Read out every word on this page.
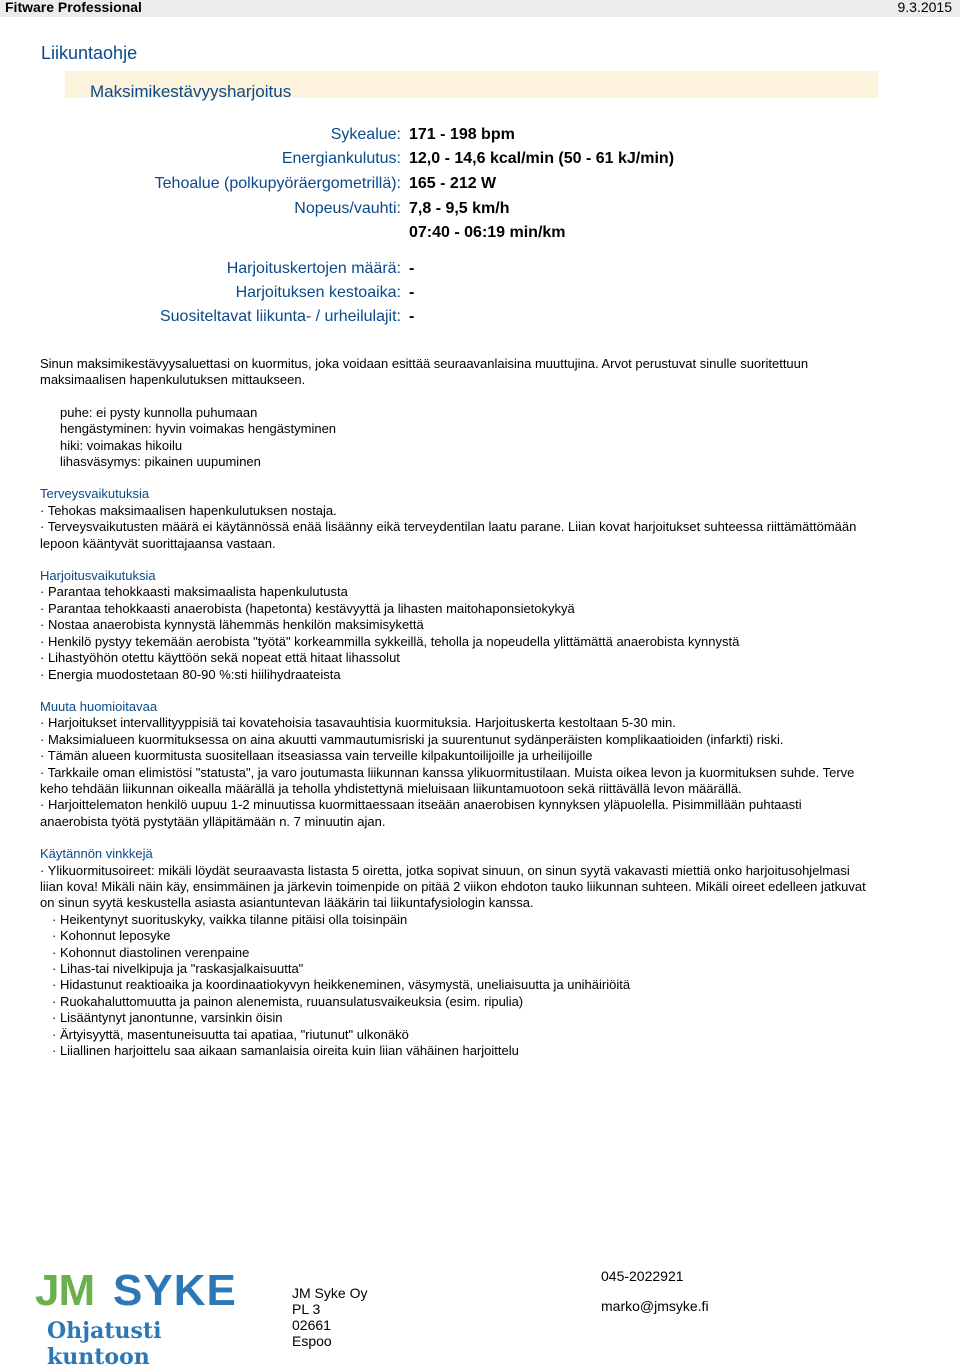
Fitware Professional	9.3.2015
Liikuntaohje
Maksimikestävyysharjoitus
Sykealue: 171 - 198 bpm
Energiankulutus: 12,0 - 14,6 kcal/min (50 - 61 kJ/min)
Tehoalue (polkupyöräergometrillä): 165 - 212 W
Nopeus/vauhti: 7,8 - 9,5 km/h
07:40 - 06:19 min/km
Harjoituskertojen määrä: -
Harjoituksen kestoaika: -
Suositeltavat liikunta- / urheilulajit: -
Sinun maksimikestävyysaluettasi on kuormitus, joka voidaan esittää seuraavanlaisina muuttujina. Arvot perustuvat sinulle suoritettuun maksimaalisen hapenkulutuksen mittaukseen.
puhe: ei pysty kunnolla puhumaan
hengästyminen: hyvin voimakas hengästyminen
hiki: voimakas hikoilu
lihasväsymys: pikainen uupuminen
Terveysvaikutuksia
· Tehokas maksimaalisen hapenkulutuksen nostaja.
· Terveysvaikutusten määrä ei käytännössä enää lisäänny eikä terveydentilan laatu parane. Liian kovat harjoitukset suhteessa riittämättömään lepoon kääntyvät suorittajaansa vastaan.
Harjoitusvaikutuksia
· Parantaa tehokkaasti maksimaalista hapenkulutusta
· Parantaa tehokkaasti anaerobista (hapetonta) kestävyyttä ja lihasten maitohaponsietokykyä
· Nostaa anaerobista kynnystä lähemmäs henkilön maksimisykettä
· Henkilö pystyy tekemään aerobista "työtä" korkeammilla sykkeillä, teholla ja nopeudella ylittämättä anaerobista kynnystä
· Lihastyöhön otettu käyttöön sekä nopeat että hitaat lihassolut
· Energia muodostetaan 80-90 %:sti hiilihydraateista
Muuta huomioitavaa
· Harjoitukset intervallityyppisiä tai kovatehoisia tasavauhtisia kuormituksia. Harjoituskerta kestoltaan 5-30 min.
· Maksimialueen kuormituksessa on aina akuutti vammautumisriski ja suurentunut sydänperäisten komplikaatioiden (infarkti) riski.
· Tämän alueen kuormitusta suositellaan itseasiassa vain terveille kilpakuntoilijoille ja urheilijoille
· Tarkkaile oman elimistösi "statusta", ja varo joutumasta liikunnan kanssa ylikuormitustilaan. Muista oikea levon ja kuormituksen suhde. Terve keho tehdään liikunnan oikealla määrällä ja teholla yhdistettynä mieluisaan liikuntamuotoon sekä riittävällä levon määrällä.
· Harjoittelematon henkilö uupuu 1-2 minuutissa kuormittaessaan itseään anaerobisen kynnyksen yläpuolella. Pisimmillään puhtaasti anaerobista työtä pystytään ylläpitämään n. 7 minuutin ajan.
Käytännön vinkkejä
· Ylikuormitusoireet: mikäli löydät seuraavasta listasta 5 oiretta, jotka sopivat sinuun, on sinun syytä vakavasti miettiä onko harjoitusohjelmasi liian kova! Mikäli näin käy, ensimmäinen ja järkevin toimenpide on pitää 2 viikon ehdoton tauko liikunnan suhteen. Mikäli oireet edelleen jatkuvat on sinun syytä keskustella asiasta asiantuntevan lääkärin tai liikuntafysiologin kanssa.
· Heikentynyt suorituskyky, vaikka tilanne pitäisi olla toisinpäin
· Kohonnut leposyke
· Kohonnut diastolinen verenpaine
· Lihas-tai nivelkipuja ja "raskasjalkaisuutta"
· Hidastunut reaktioaika ja koordinaatiokyvyn heikkeneminen, väsymystä, uneliaisuutta ja unihäiriöitä
· Ruokahaluttomuutta ja painon alenemista, ruuansulatusvaikeuksia (esim. ripulia)
· Lisääntynyt janontunne, varsinkin öisin
· Ärtyisyyttä, masentuneisuutta tai apatiaa, "riutunut" ulkonäkö
· Liiallinen harjoittelu saa aikaan samanlaisia oireita kuin liian vähäinen harjoittelu
JM SYKE
Ohjatusti kuntoon
JM Syke Oy
PL 3
02661
Espoo
045-2022921
marko@jmsyke.fi
